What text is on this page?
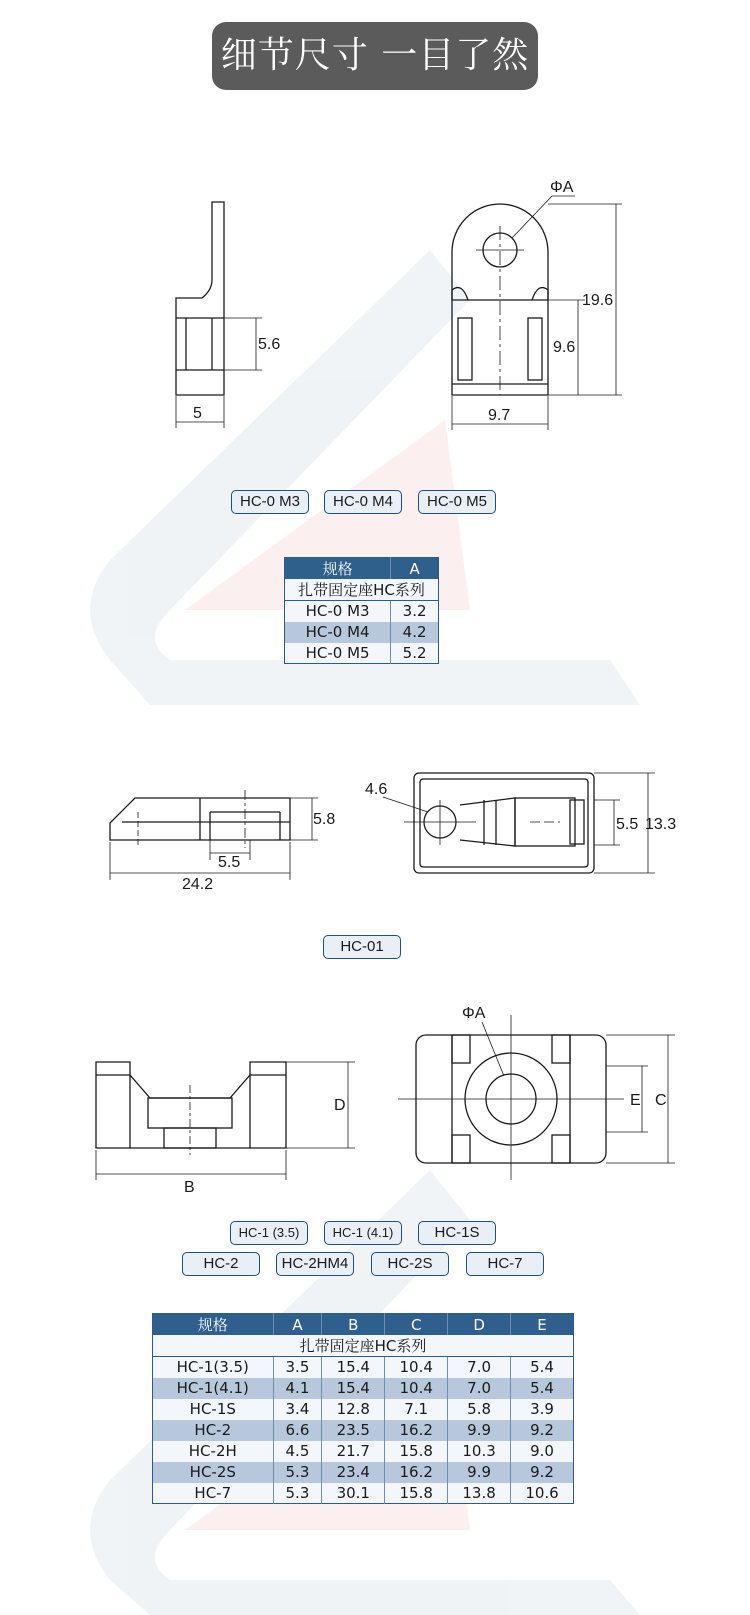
细节尺寸 一目了然
5.6
5
ΦA
19.6
9.6
9.7
HC-0 M3	HC-0 M4	HC-0 M5
扎带固定座HC系列	
规格	A
HC-0 M3	3.2
HC-0 M4	4.2
HC-0 M5	5.2
5.8
5.5
24.2
4.6
5.5 13.3
HC-01
D
B
ΦA
E C
HC-1 (3.5)	HC-1 (4.1)	HC-1S
HC-2	HC-2HM4	HC-2S	HC-7
扎带固定座HC系列					
规格	A	B	C	D	E
HC-1(3.5)	3.5	15.4	10.4	7.0	5.4
HC-1(4.1)	4.1	15.4	10.4	7.0	5.4
HC-1S	3.4	12.8	7.1	5.8	3.9
HC-2	6.6	23.5	16.2	9.9	9.2
HC-2H	4.5	21.7	15.8	10.3	9.0
HC-2S	5.3	23.4	16.2	9.9	9.2
HC-7	5.3	30.1	15.8	13.8	10.6
